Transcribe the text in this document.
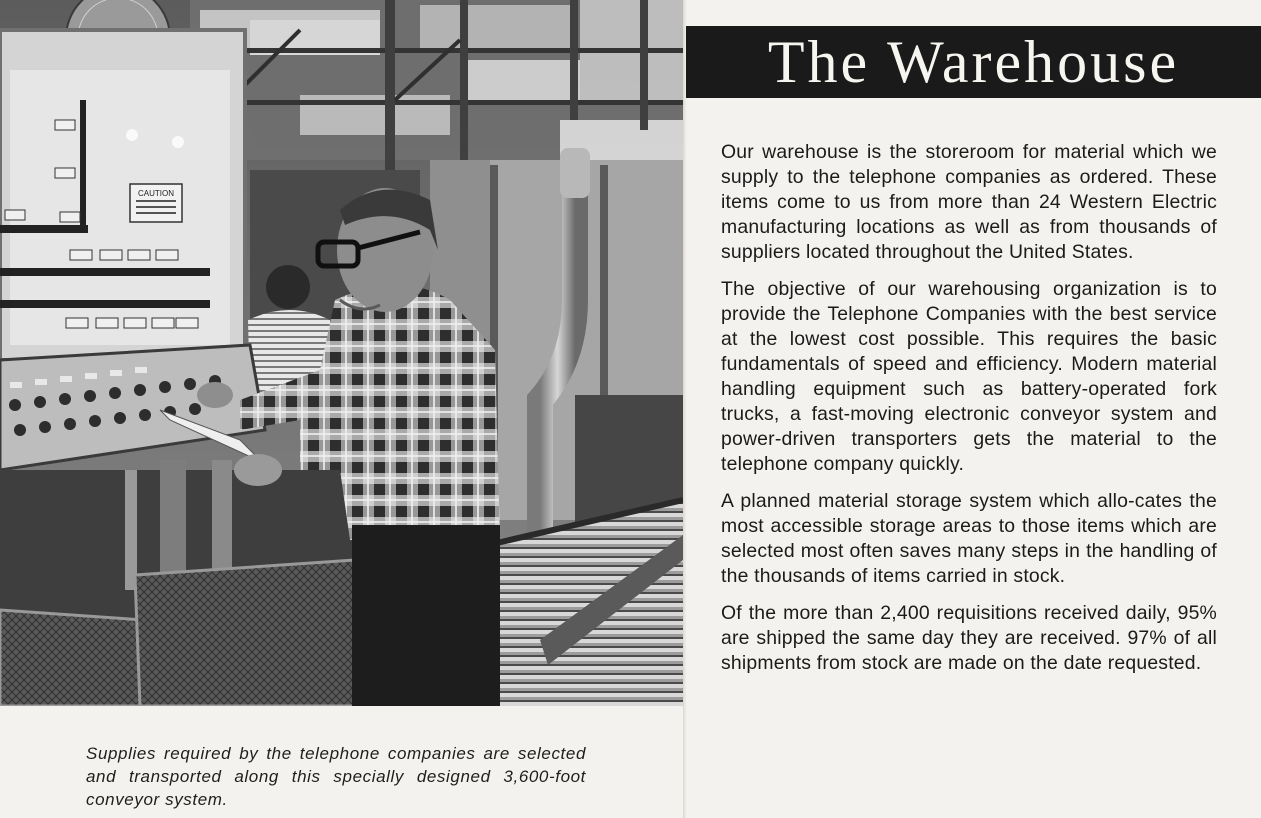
CAUTION

Supplies required by the telephone companies are selected and transported along this specially designed 3,600-foot conveyor system.

The Warehouse

Our warehouse is the storeroom for material which we supply to the telephone companies as ordered. These items come to us from more than 24 Western Electric manufacturing locations as well as from thousands of suppliers located throughout the United States.

The objective of our warehousing organization is to provide the Telephone Companies with the best service at the lowest cost possible. This requires the basic fundamentals of speed and efficiency. Modern material handling equipment such as battery-operated fork trucks, a fast-moving electronic conveyor system and power-driven transporters gets the material to the telephone company quickly.

A planned material storage system which allo-cates the most accessible storage areas to those items which are selected most often saves many steps in the handling of the thousands of items carried in stock.

Of the more than 2,400 requisitions received daily, 95% are shipped the same day they are received. 97% of all shipments from stock are made on the date requested.
